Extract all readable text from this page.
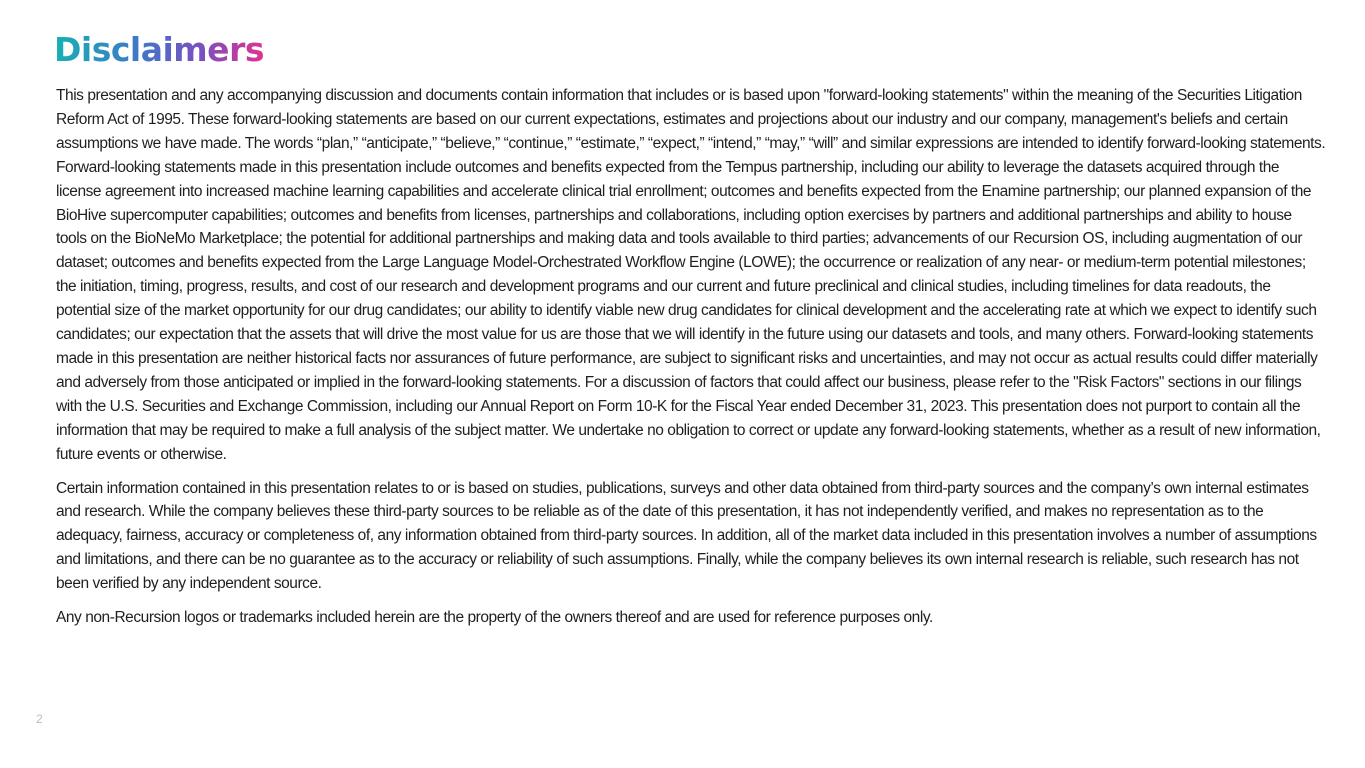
Disclaimers

This presentation and any accompanying discussion and documents contain information that includes or is based upon "forward-looking statements" within the meaning of the Securities Litigation Reform Act of 1995. These forward-looking statements are based on our current expectations, estimates and projections about our industry and our company, management's beliefs and certain assumptions we have made. The words “plan,” “anticipate,” “believe,” “continue,” “estimate,” “expect,” “intend,” “may,” “will” and similar expressions are intended to identify forward-looking statements. Forward-looking statements made in this presentation include outcomes and benefits expected from the Tempus partnership, including our ability to leverage the datasets acquired through the license agreement into increased machine learning capabilities and accelerate clinical trial enrollment; outcomes and benefits expected from the Enamine partnership; our planned expansion of the BioHive supercomputer capabilities; outcomes and benefits from licenses, partnerships and collaborations, including option exercises by partners and additional partnerships and ability to house tools on the BioNeMo Marketplace; the potential for additional partnerships and making data and tools available to third parties; advancements of our Recursion OS, including augmentation of our dataset; outcomes and benefits expected from the Large Language Model-Orchestrated Workflow Engine (LOWE); the occurrence or realization of any near- or medium-term potential milestones; the initiation, timing, progress, results, and cost of our research and development programs and our current and future preclinical and clinical studies, including timelines for data readouts, the potential size of the market opportunity for our drug candidates; our ability to identify viable new drug candidates for clinical development and the accelerating rate at which we expect to identify such candidates; our expectation that the assets that will drive the most value for us are those that we will identify in the future using our datasets and tools, and many others. Forward-looking statements made in this presentation are neither historical facts nor assurances of future performance, are subject to significant risks and uncertainties, and may not occur as actual results could differ materially and adversely from those anticipated or implied in the forward-looking statements. For a discussion of factors that could affect our business, please refer to the "Risk Factors" sections in our filings with the U.S. Securities and Exchange Commission, including our Annual Report on Form 10-K for the Fiscal Year ended December 31, 2023. This presentation does not purport to contain all the information that may be required to make a full analysis of the subject matter. We undertake no obligation to correct or update any forward-looking statements, whether as a result of new information, future events or otherwise.

Certain information contained in this presentation relates to or is based on studies, publications, surveys and other data obtained from third-party sources and the company’s own internal estimates and research. While the company believes these third-party sources to be reliable as of the date of this presentation, it has not independently verified, and makes no representation as to the adequacy, fairness, accuracy or completeness of, any information obtained from third-party sources. In addition, all of the market data included in this presentation involves a number of assumptions and limitations, and there can be no guarantee as to the accuracy or reliability of such assumptions. Finally, while the company believes its own internal research is reliable, such research has not been verified by any independent source.

Any non-Recursion logos or trademarks included herein are the property of the owners thereof and are used for reference purposes only.

2
